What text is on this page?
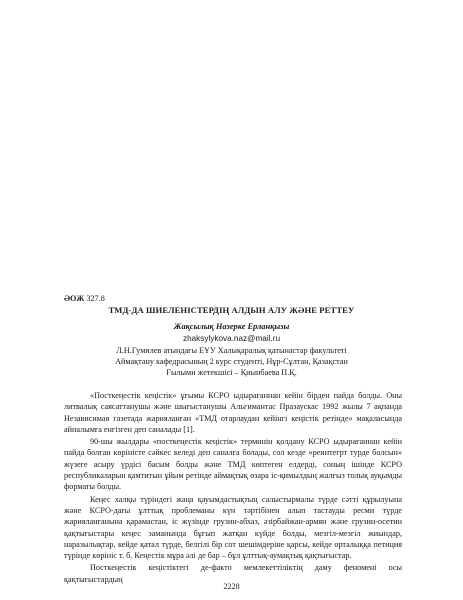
ӘОЖ 327.8
ТМД-ДА ШИЕЛЕНІСТЕРДІҢ АЛДЫН АЛУ ЖӘНЕ РЕТТЕУ
Жақсылық Назерке Ерланқызы
zhaksylykova.naz@mail.ru
Л.Н.Гумилев атындағы ЕҰУ Халықаралық қатынастар факультеті
Аймақтану кафедрасының 2 курс студенті, Нұр-Сұлтан, Қазақстан
Ғылыми жетекшісі – Қиынбаева П.Қ.

«Посткеңестік кеңістік» ұғымы КСРО ыдырағаннан кейін бірден пайда болды. Оны литвалық саясаттанушы және шығыстанушы Альгимантас Празаускас 1992 жылы 7 ақпанда Независимая газетада жарияланған «ТМД отарлаудан кейінгі кеңістік ретінде» мақаласында айналымға енгізген деп саналады [1].

90-шы жылдары «посткеңестік кеңістік» терминін қолдану КСРО ыдырағаннан кейін пайда болған көріністе сәйкес келеді деп саналға болады, сол кезде «реинтегрт турде болсын» жүзеге асыру үрдісі басым болды және ТМД көптеген елдерді, соның ішінде КСРО республикаларын қамтитын ұйым ретінде аймақтық өзара іс-қимылдың жалғыз толық ауқымды форматы болды.

Кеңес халқы түріндегі жаңа қауымдастықтың салыстырмалы түрде сәтті құрылуына және КСРО-дағы ұлттық проблеманы күн тәртібінен алып тастауды ресми түрде жарияланғанына қарамастан, іс жүзінде грузин-абхаз, әзірбайжан-армян және грузин-осетин қақтығыстары кеңес заманында бұғып жатқан күйде болды, мезгіл-мезгіл жиындар, наразылықтар, кейде қатал түрде, белгілі бір сот шешімдеріне қарсы, кейде орталыққа петиция түрінде көрініс т. б. Кеңестік мұра әлі де бар – бұл ұлттық-аумақтық қақтығыстар.

Посткеңестік кеңістіктегі де-факто мемлекеттіліктің даму феномені осы қақтығыстардың

2228
